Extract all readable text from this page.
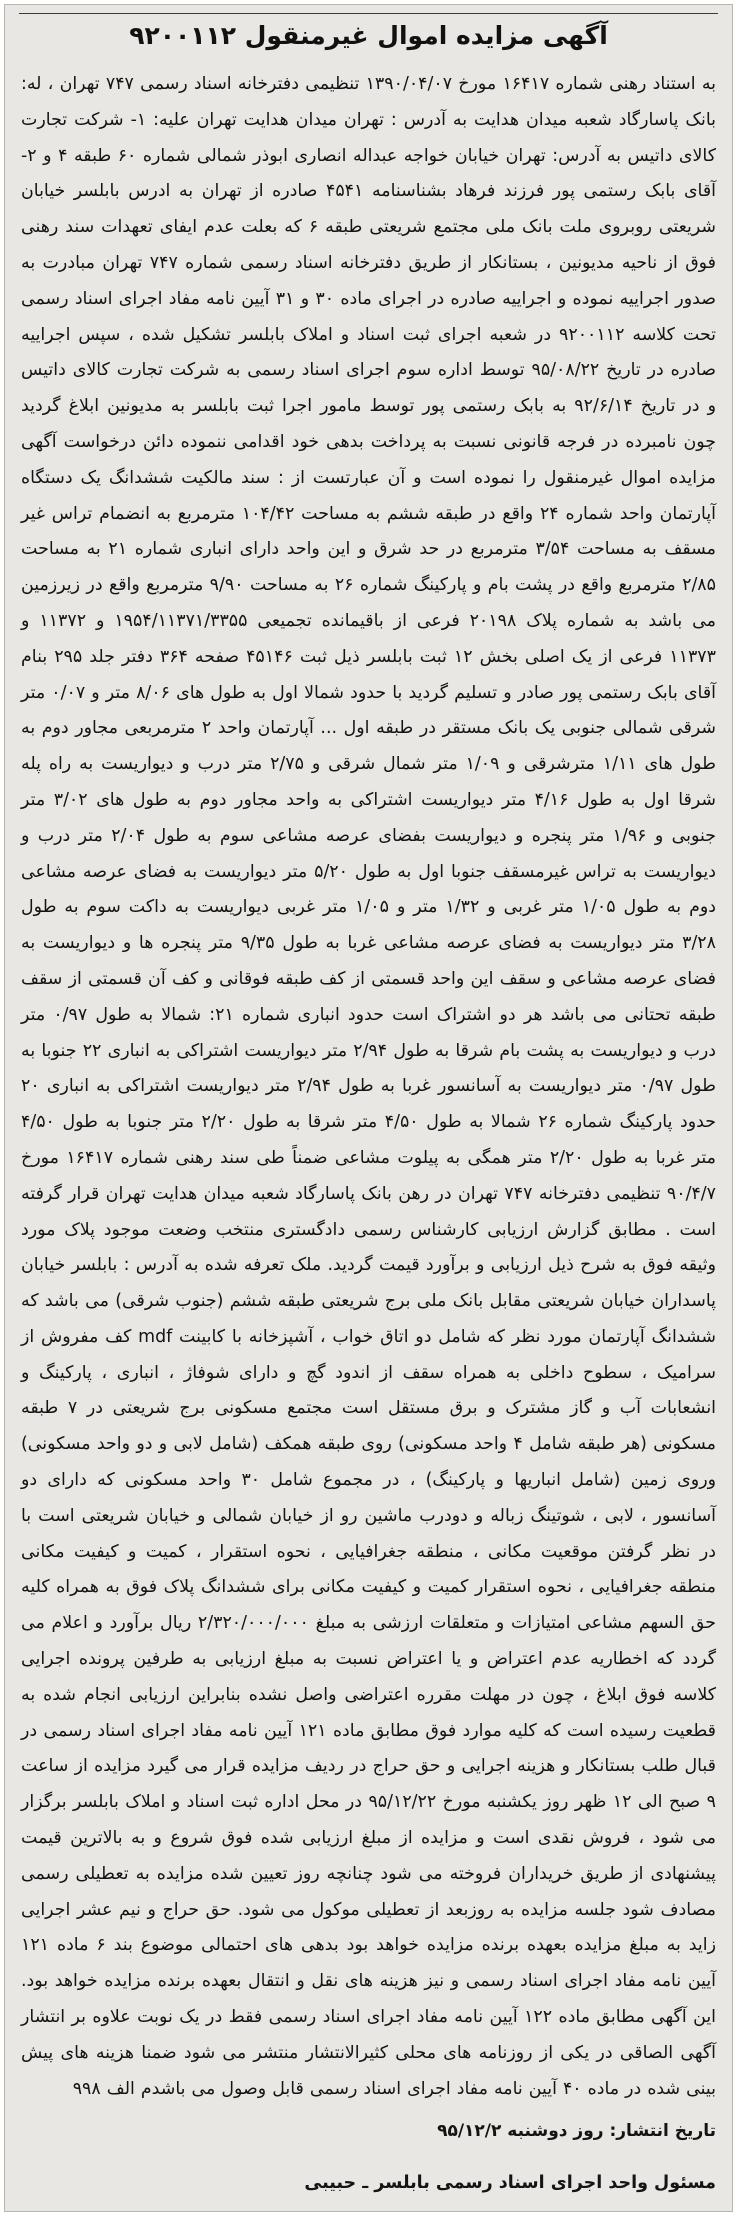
آگهی مزایده اموال غیرمنقول ۹۲۰۰۱۱۲

به استناد رهنی شماره ۱۶۴۱۷ مورخ ۱۳۹۰/۰۴/۰۷ تنظیمی دفترخانه اسناد رسمی ۷۴۷ تهران ، له: بانک پاسارگاد شعبه میدان هدایت به آدرس : تهران میدان هدایت تهران علیه: ۱- شرکت تجارت کالای داتیس به آدرس: تهران خیابان خواجه عبداله انصاری ابوذر شمالی شماره ۶۰ طبقه ۴ و ۲- آقای بابک رستمی پور فرزند فرهاد بشناسنامه ۴۵۴۱ صادره از تهران به ادرس بابلسر خیابان شریعتی روبروی ملت بانک ملی مجتمع شریعتی طبقه ۶ که بعلت عدم ایفای تعهدات سند رهنی فوق از ناحیه مدیونین ، بستانکار از طریق دفترخانه اسناد رسمی شماره ۷۴۷ تهران مبادرت به صدور اجراییه نموده و اجراییه صادره در اجرای ماده ۳۰ و ۳۱ آیین نامه مفاد اجرای اسناد رسمی تحت کلاسه ۹۲۰۰۱۱۲ در شعبه اجرای ثبت اسناد و املاک بابلسر تشکیل شده ، سپس اجراییه صادره در تاریخ ۹۵/۰۸/۲۲ توسط اداره سوم اجرای اسناد رسمی به شرکت تجارت کالای داتیس و در تاریخ ۹۲/۶/۱۴ به بابک رستمی پور توسط مامور اجرا ثبت بابلسر به مدیونین ابلاغ گردید چون نامبرده در فرجه قانونی نسبت به پرداخت بدهی خود اقدامی ننموده دائن درخواست آگهی مزایده اموال غیرمنقول را نموده است و آن عبارتست از : سند مالکیت ششدانگ یک دستگاه آپارتمان واحد شماره ۲۴ واقع در طبقه ششم به مساحت ۱۰۴/۴۲ مترمربع به انضمام تراس غیر مسقف به مساحت ۳/۵۴ مترمربع در حد شرق و این واحد دارای انباری شماره ۲۱ به مساحت ۲/۸۵ مترمربع واقع در پشت بام و پارکینگ شماره ۲۶ به مساحت ۹/۹۰ مترمربع واقع در زیرزمین می باشد به شماره پلاک ۲۰۱۹۸ فرعی از باقیمانده تجمیعی ۱۹۵۴/۱۱۳۷۱/۳۳۵۵ و ۱۱۳۷۲ و ۱۱۳۷۳ فرعی از یک اصلی بخش ۱۲ ثبت بابلسر ذیل ثبت ۴۵۱۴۶ صفحه ۳۶۴ دفتر جلد ۲۹۵ بنام آقای بابک رستمی پور صادر و تسلیم گردید با حدود شمالا اول به طول های ۸/۰۶ متر و ۰/۰۷ متر شرقی شمالی جنوبی یک بانک مستقر در طبقه اول ... آپارتمان واحد ۲ مترمربعی مجاور دوم به طول های ۱/۱۱ مترشرقی و ۱/۰۹ متر شمال شرقی و ۲/۷۵ متر درب و دیواریست به راه پله شرقا اول به طول ۴/۱۶ متر دیواریست اشتراکی به واحد مجاور دوم به طول های ۳/۰۲ متر جنوبی و ۱/۹۶ متر پنجره و دیواریست بفضای عرصه مشاعی سوم به طول ۲/۰۴ متر درب و دیواریست به تراس غیرمسقف جنوبا اول به طول ۵/۲۰ متر دیواریست به فضای عرصه مشاعی دوم به طول ۱/۰۵ متر غربی و ۱/۳۲ متر و ۱/۰۵ متر غربی دیواریست به داکت سوم به طول ۳/۲۸ متر دیواریست به فضای عرصه مشاعی غربا به طول ۹/۳۵ متر پنجره ها و دیواریست به فضای عرصه مشاعی و سقف این واحد قسمتی از کف طبقه فوقانی و کف آن قسمتی از سقف طبقه تحتانی می باشد هر دو اشتراک است حدود انباری شماره ۲۱: شمالا به طول ۰/۹۷ متر درب و دیواریست به پشت بام شرقا به طول ۲/۹۴ متر دیواریست اشتراکی به انباری ۲۲ جنوبا به طول ۰/۹۷ متر دیواریست به آسانسور غربا به طول ۲/۹۴ متر دیواریست اشتراکی به انباری ۲۰ حدود پارکینگ شماره ۲۶ شمالا به طول ۴/۵۰ متر شرقا به طول ۲/۲۰ متر جنوبا به طول ۴/۵۰ متر غربا به طول ۲/۲۰ متر همگی به پیلوت مشاعی ضمناً طی سند رهنی شماره ۱۶۴۱۷ مورخ ۹۰/۴/۷ تنظیمی دفترخانه ۷۴۷ تهران در رهن بانک پاسارگاد شعبه میدان هدایت تهران قرار گرفته است . مطابق گزارش ارزیابی کارشناس رسمی دادگستری منتخب وضعت موجود پلاک مورد وثیقه فوق به شرح ذیل ارزیابی و برآورد قیمت گردید. ملک تعرفه شده به آدرس : بابلسر خیابان پاسداران خیابان شریعتی مقابل بانک ملی برج شریعتی طبقه ششم (جنوب شرقی) می باشد که ششدانگ آپارتمان مورد نظر که شامل دو اتاق خواب ، آشپزخانه با کابینت mdf کف مفروش از سرامیک ، سطوح داخلی به همراه سقف از اندود گچ و دارای شوفاژ ، انباری ، پارکینگ و انشعابات آب و گاز مشترک و برق مستقل است مجتمع مسکونی برج شریعتی در ۷ طبقه مسکونی (هر طبقه شامل ۴ واحد مسکونی) روی طبقه همکف (شامل لابی و دو واحد مسکونی) وروی زمین (شامل انباریها و پارکینگ) ، در مجموع شامل ۳۰ واحد مسکونی که دارای دو آسانسور ، لابی ، شوتینگ زباله و دودرب ماشین رو از خیابان شمالی و خیابان شریعتی است با در نظر گرفتن موقعیت مکانی ، منطقه جغرافیایی ، نحوه استقرار ، کمیت و کیفیت مکانی منطقه جغرافیایی ، نحوه استقرار کمیت و کیفیت مکانی برای ششدانگ پلاک فوق به همراه کلیه حق السهم مشاعی امتیازات و متعلقات ارزشی به مبلغ ۲/۳۲۰/۰۰۰/۰۰۰ ریال برآورد و اعلام می گردد که اخطاریه عدم اعتراض و یا اعتراض نسبت به مبلغ ارزیابی به طرفین پرونده اجرایی کلاسه فوق ابلاغ ، چون در مهلت مقرره اعتراضی واصل نشده بنابراین ارزیابی انجام شده به قطعیت رسیده است که کلیه موارد فوق مطابق ماده ۱۲۱ آیین نامه مفاد اجرای اسناد رسمی در قبال طلب بستانکار و هزینه اجرایی و حق حراج در ردیف مزایده قرار می گیرد مزایده از ساعت ۹ صبح الی ۱۲ ظهر روز یکشنبه مورخ ۹۵/۱۲/۲۲ در محل اداره ثبت اسناد و املاک بابلسر برگزار می شود ، فروش نقدی است و مزایده از مبلغ ارزیابی شده فوق شروع و به بالاترین قیمت پیشنهادی از طریق خریداران فروخته می شود چنانچه روز تعیین شده مزایده به تعطیلی رسمی مصادف شود جلسه مزایده به روزبعد از تعطیلی موکول می شود. حق حراج و نیم عشر اجرایی زاید به مبلغ مزایده بعهده برنده مزایده خواهد بود بدهی های احتمالی موضوع بند ۶ ماده ۱۲۱ آیین نامه مفاد اجرای اسناد رسمی و نیز هزینه های نقل و انتقال بعهده برنده مزایده خواهد بود. این آگهی مطابق ماده ۱۲۲ آیین نامه مفاد اجرای اسناد رسمی فقط در یک نوبت علاوه بر انتشار آگهی الصاقی در یکی از روزنامه های محلی کثیرالانتشار منتشر می شود ضمنا هزینه های پیش بینی شده در ماده ۴۰ آیین نامه مفاد اجرای اسناد رسمی قابل وصول می باشدم الف ۹۹۸

تاریخ انتشار: روز دوشنبه ۹۵/۱۲/۲
مسئول واحد اجرای اسناد رسمی بابلسر ـ حبیبی
